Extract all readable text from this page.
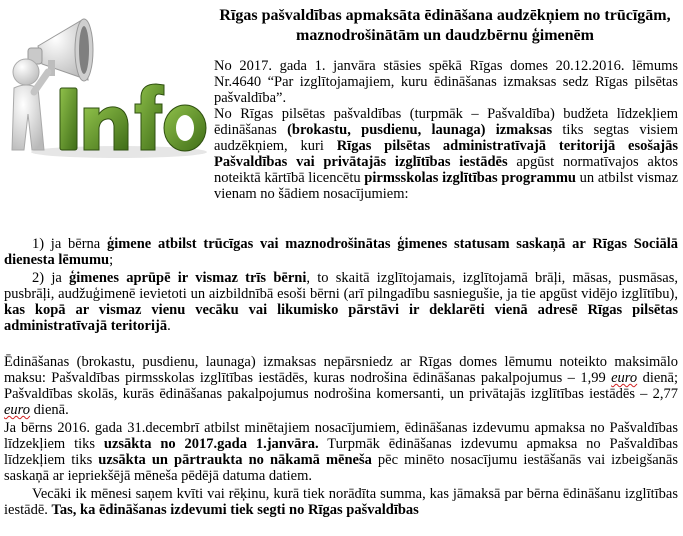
Rīgas pašvaldības apmaksāta ēdināšana audzēkņiem no trūcīgām, maznodrošinātām un daudzbērnu ģimenēm
No 2017. gada 1. janvāra stāsies spēkā Rīgas domes 20.12.2016. lēmums Nr.4640 “Par izglītojamajiem, kuru ēdināšanas izmaksas sedz Rīgas pilsētas pašvaldība”.
No Rīgas pilsētas pašvaldības (turpmāk – Pašvaldība) budžeta līdzekļiem ēdināšanas (brokastu, pusdienu, launaga) izmaksas tiks segtas visiem audzēkņiem, kuri Rīgas pilsētas administratīvajā teritorijā esošajās Pašvaldības vai privātajās izglītības iestādēs apgūst normatīvajos aktos noteiktā kārtībā licencētu pirmsskolas izglītības programmu un atbilst vismaz vienam no šādiem nosacījumiem:
1) ja bērna ģimene atbilst trūcīgas vai maznodrošinātas ģimenes statusam saskaņā ar Rīgas Sociālā dienesta lēmumu;
2) ja ģimenes aprūpē ir vismaz trīs bērni, to skaitā izglītojamais, izglītojamā brāļi, māsas, pusmāsas, pusbrāļi, audžuģimenē ievietoti un aizbildnībā esoši bērni (arī pilngadību sasniegušie, ja tie apgūst vidējo izglītību), kas kopā ar vismaz vienu vecāku vai likumisko pārstāvi ir deklarēti vienā adresē Rīgas pilsētas administratīvajā teritorijā.
Ēdināšanas (brokastu, pusdienu, launaga) izmaksas nepārsniedz ar Rīgas domes lēmumu noteikto maksimālo maksu: Pašvaldības pirmsskolas izglītības iestādēs, kuras nodrošina ēdināšanas pakalpojumus – 1,99 euro dienā; Pašvaldības skolās, kurās ēdināšanas pakalpojumus nodrošina komersanti, un privātajās izglītības iestādēs – 2,77 euro dienā.
Ja bērns 2016. gada 31.decembrī atbilst minētajiem nosacījumiem, ēdināšanas izdevumu apmaksa no Pašvaldības līdzekļiem tiks uzsākta no 2017.gada 1.janvāra. Turpmāk ēdināšanas izdevumu apmaksa no Pašvaldības līdzekļiem tiks uzsākta un pārtraukta no nākamā mēneša pēc minēto nosacījumu iestāšanās vai izbeigšanās saskaņā ar iepriekšējā mēneša pēdējā datuma datiem.
Vecāki ik mēnesi saņem kvīti vai rēķinu, kurā tiek norādīta summa, kas jāmaksā par bērna ēdināšanu izglītības iestādē. Tas, ka ēdināšanas izdevumi tiek segti no Rīgas pašvaldības
